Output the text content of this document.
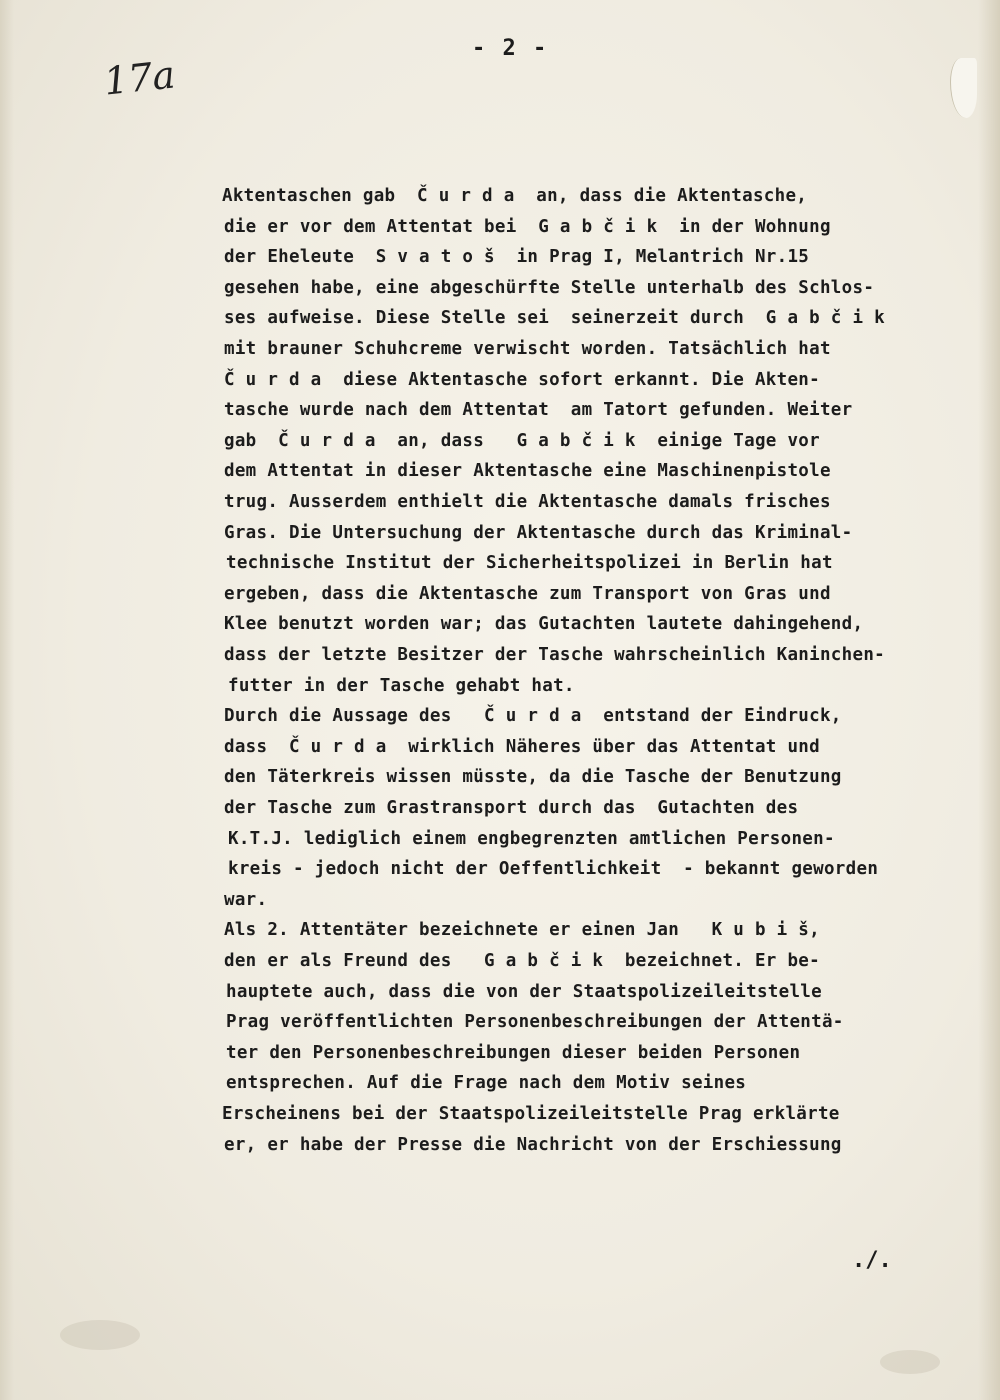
- 2 -
17a
Aktentaschen gab  Č u r d a  an, dass die Aktentasche,
die er vor dem Attentat bei  G a b č i k  in der Wohnung
der Eheleute  S v a t o š  in Prag I, Melantrich Nr.15
gesehen habe, eine abgeschürfte Stelle unterhalb des Schlos-
ses aufweise. Diese Stelle sei  seinerzeit durch  G a b č i k
mit brauner Schuhcreme verwischt worden. Tatsächlich hat
Č u r d a  diese Aktentasche sofort erkannt. Die Akten-
tasche wurde nach dem Attentat  am Tatort gefunden. Weiter
gab  Č u r d a  an, dass   G a b č i k  einige Tage vor
dem Attentat in dieser Aktentasche eine Maschinenpistole
trug. Ausserdem enthielt die Aktentasche damals frisches
Gras. Die Untersuchung der Aktentasche durch das Kriminal-
technische Institut der Sicherheitspolizei in Berlin hat
ergeben, dass die Aktentasche zum Transport von Gras und
Klee benutzt worden war; das Gutachten lautete dahingehend,
dass der letzte Besitzer der Tasche wahrscheinlich Kaninchen-
futter in der Tasche gehabt hat.
Durch die Aussage des   Č u r d a  entstand der Eindruck,
dass  Č u r d a  wirklich Näheres über das Attentat und
den Täterkreis wissen müsste, da die Tasche der Benutzung
der Tasche zum Grastransport durch das  Gutachten des
K.T.J. lediglich einem engbegrenzten amtlichen Personen-
kreis - jedoch nicht der Oeffentlichkeit  - bekannt geworden
war.
Als 2. Attentäter bezeichnete er einen Jan   K u b i š,
den er als Freund des   G a b č i k  bezeichnet. Er be-
hauptete auch, dass die von der Staatspolizeileitstelle
Prag veröffentlichten Personenbeschreibungen der Attentä-
ter den Personenbeschreibungen dieser beiden Personen
entsprechen. Auf die Frage nach dem Motiv seines
Erscheinens bei der Staatspolizeileitstelle Prag erklärte
er, er habe der Presse die Nachricht von der Erschiessung
./.
